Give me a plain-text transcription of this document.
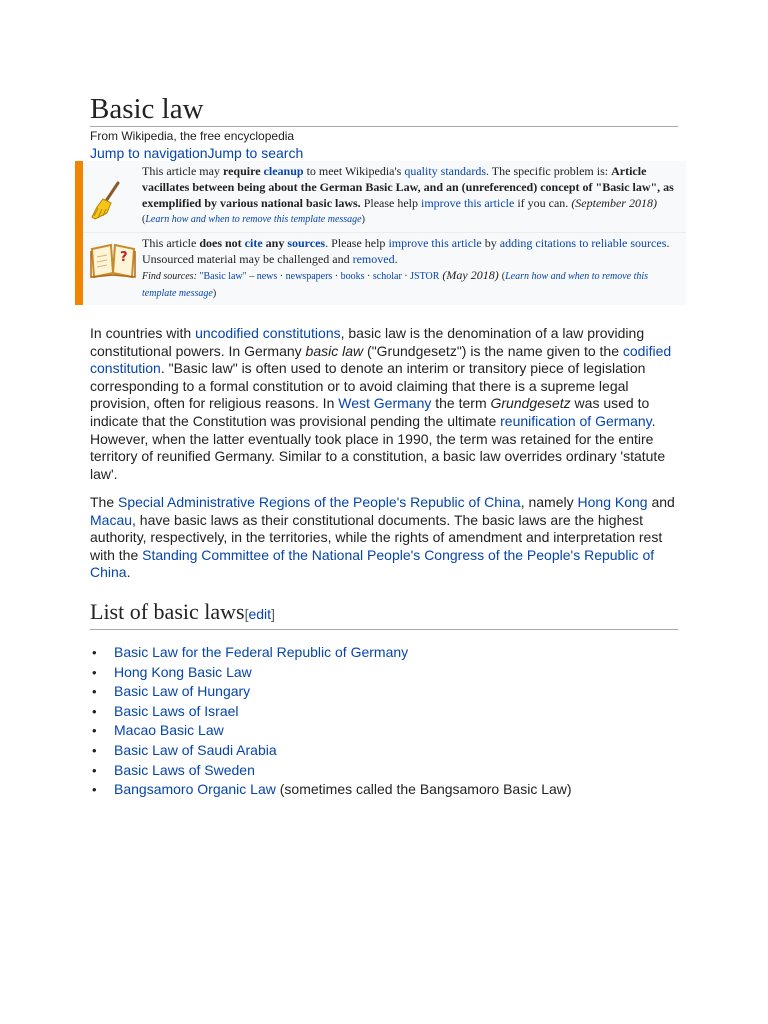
Basic law
From Wikipedia, the free encyclopedia
Jump to navigationJump to search
This article may require cleanup to meet Wikipedia's quality standards. The specific problem is: Article vacillates between being about the German Basic Law, and an (unreferenced) concept of "Basic law", as exemplified by various national basic laws. Please help improve this article if you can. (September 2018) (Learn how and when to remove this template message)
?
This article does not cite any sources. Please help improve this article by adding citations to reliable sources. Unsourced material may be challenged and removed.
Find sources: "Basic law" – news · newspapers · books · scholar · JSTOR (May 2018) (Learn how and when to remove this template message)
In countries with uncodified constitutions, basic law is the denomination of a law providing constitutional powers. In Germany basic law ("Grundgesetz") is the name given to the codified constitution. "Basic law" is often used to denote an interim or transitory piece of legislation corresponding to a formal constitution or to avoid claiming that there is a supreme legal provision, often for religious reasons. In West Germany the term Grundgesetz was used to indicate that the Constitution was provisional pending the ultimate reunification of Germany. However, when the latter eventually took place in 1990, the term was retained for the entire territory of reunified Germany. Similar to a constitution, a basic law overrides ordinary 'statute law'.
The Special Administrative Regions of the People's Republic of China, namely Hong Kong and Macau, have basic laws as their constitutional documents. The basic laws are the highest authority, respectively, in the territories, while the rights of amendment and interpretation rest with the Standing Committee of the National People's Congress of the People's Republic of China.
List of basic laws[edit]
• Basic Law for the Federal Republic of Germany
• Hong Kong Basic Law
• Basic Law of Hungary
• Basic Laws of Israel
• Macao Basic Law
• Basic Law of Saudi Arabia
• Basic Laws of Sweden
• Bangsamoro Organic Law (sometimes called the Bangsamoro Basic Law)
